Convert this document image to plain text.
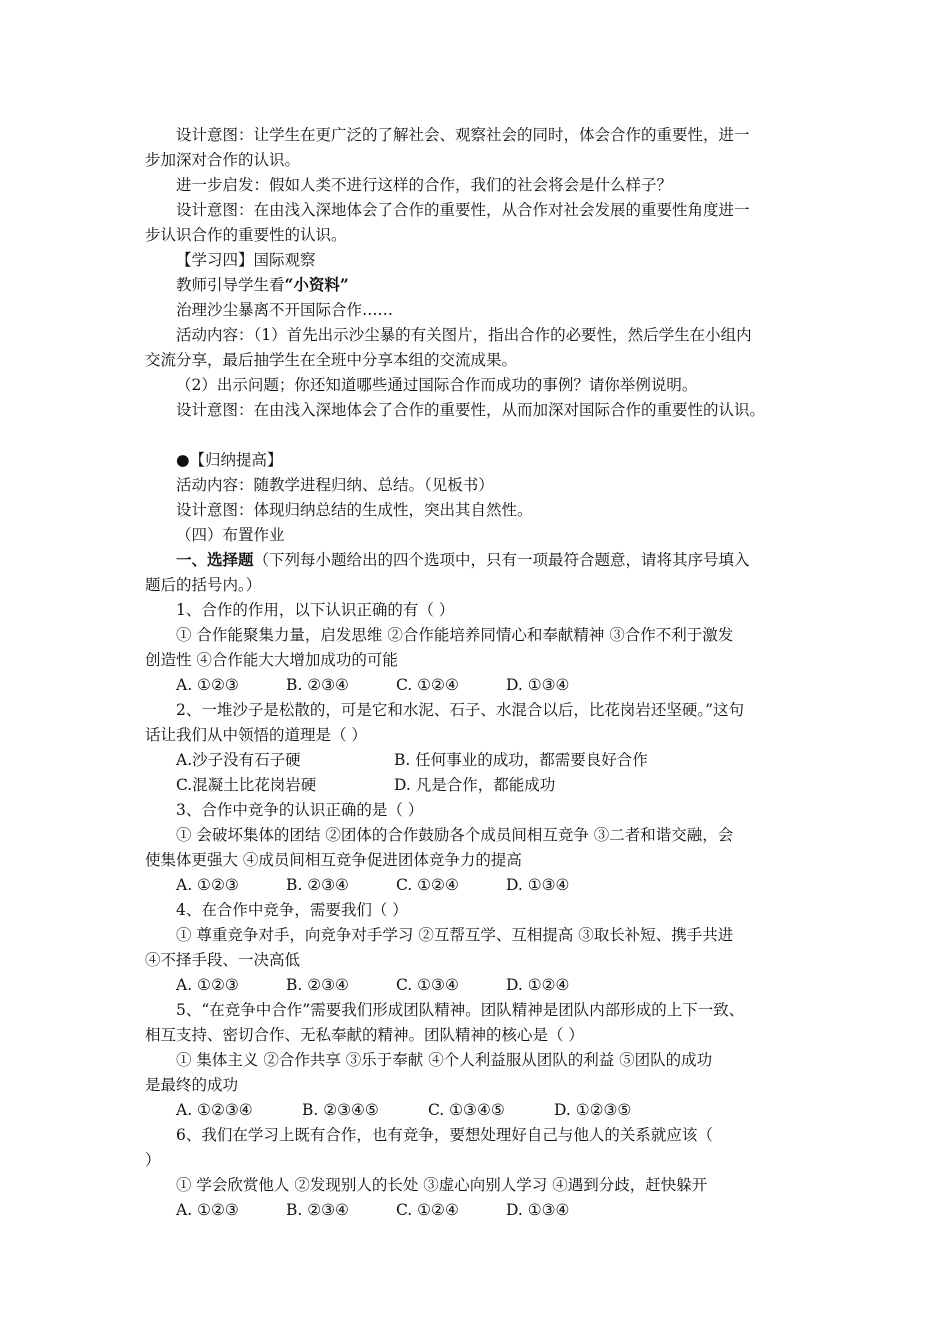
设计意图：让学生在更广泛的了解社会、观察社会的同时，体会合作的重要性，进一
步加深对合作的认识。
进一步启发：假如人类不进行这样的合作，我们的社会将会是什么样子？
设计意图：在由浅入深地体会了合作的重要性，从合作对社会发展的重要性角度进一
步认识合作的重要性的认识。
【学习四】国际观察
教师引导学生看“小资料”
治理沙尘暴离不开国际合作……
活动内容：（1）首先出示沙尘暴的有关图片，指出合作的必要性，然后学生在小组内
交流分享，最后抽学生在全班中分享本组的交流成果。
（2）出示问题；你还知道哪些通过国际合作而成功的事例？请你举例说明。
设计意图：在由浅入深地体会了合作的重要性，从而加深对国际合作的重要性的认识。
●【归纳提高】
活动内容：随教学进程归纳、总结。（见板书）
设计意图：体现归纳总结的生成性，突出其自然性。
（四）布置作业
一、选择题（下列每小题给出的四个选项中，只有一项最符合题意，请将其序号填入
题后的括号内。）
1、合作的作用，以下认识正确的有（ ）
① 合作能聚集力量，启发思维 ②合作能培养同情心和奉献精神 ③合作不利于激发
创造性 ④合作能大大增加成功的可能
A. ①②③	B. ②③④	C. ①②④	D. ①③④
2、一堆沙子是松散的，可是它和水泥、石子、水混合以后，比花岗岩还坚硬。”这句
话让我们从中领悟的道理是（ ）
A.沙子没有石子硬	B. 任何事业的成功，都需要良好合作
C.混凝土比花岗岩硬	D. 凡是合作，都能成功
3、合作中竞争的认识正确的是（ ）
① 会破坏集体的团结 ②团体的合作鼓励各个成员间相互竞争 ③二者和谐交融，会
使集体更强大 ④成员间相互竞争促进团体竞争力的提高
A. ①②③	B. ②③④	C. ①②④	D. ①③④
4、在合作中竞争，需要我们（ ）
① 尊重竞争对手，向竞争对手学习 ②互帮互学、互相提高 ③取长补短、携手共进
④不择手段、一决高低
A. ①②③	B. ②③④	C. ①③④	D. ①②④
5、“在竞争中合作”需要我们形成团队精神。团队精神是团队内部形成的上下一致、
相互支持、密切合作、无私奉献的精神。团队精神的核心是（ ）
① 集体主义 ②合作共享 ③乐于奉献 ④个人利益服从团队的利益 ⑤团队的成功
是最终的成功
A. ①②③④	B. ②③④⑤	C. ①③④⑤	D. ①②③⑤
6、我们在学习上既有合作，也有竞争，要想处理好自己与他人的关系就应该（
）
① 学会欣赏他人 ②发现别人的长处 ③虚心向别人学习 ④遇到分歧，赶快躲开
A. ①②③	B. ②③④	C. ①②④	D. ①③④
